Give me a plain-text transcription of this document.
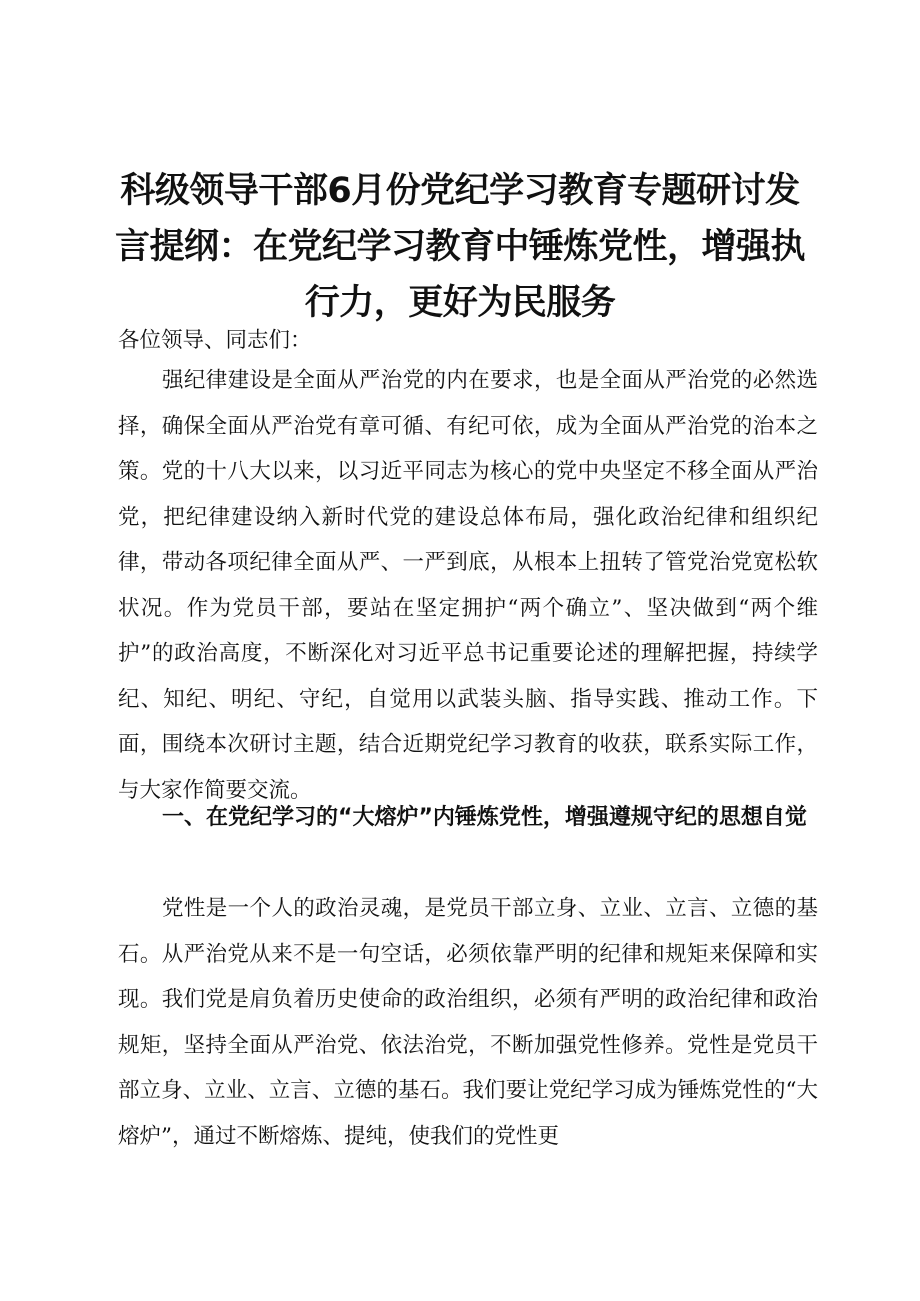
科级领导干部6月份党纪学习教育专题研讨发
言提纲：在党纪学习教育中锤炼党性，增强执
行力，更好为民服务

各位领导、同志们：

强纪律建设是全面从严治党的内在要求，也是全面从严治党的必然选择，确保全面从严治党有章可循、有纪可依，成为全面从严治党的治本之策。党的十八大以来，以习近平同志为核心的党中央坚定不移全面从严治党，把纪律建设纳入新时代党的建设总体布局，强化政治纪律和组织纪律，带动各项纪律全面从严、一严到底，从根本上扭转了管党治党宽松软状况。作为党员干部，要站在坚定拥护“两个确立”、坚决做到“两个维护”的政治高度，不断深化对习近平总书记重要论述的理解把握，持续学纪、知纪、明纪、守纪，自觉用以武装头脑、指导实践、推动工作。下面，围绕本次研讨主题，结合近期党纪学习教育的收获，联系实际工作，与大家作简要交流。

一、在党纪学习的“大熔炉”内锤炼党性，增强遵规守纪的思想自觉

党性是一个人的政治灵魂，是党员干部立身、立业、立言、立德的基石。从严治党从来不是一句空话，必须依靠严明的纪律和规矩来保障和实现。我们党是肩负着历史使命的政治组织，必须有严明的政治纪律和政治规矩，坚持全面从严治党、依法治党，不断加强党性修养。党性是党员干部立身、立业、立言、立德的基石。我们要让党纪学习成为锤炼党性的“大熔炉”，通过不断熔炼、提纯，使我们的党性更
